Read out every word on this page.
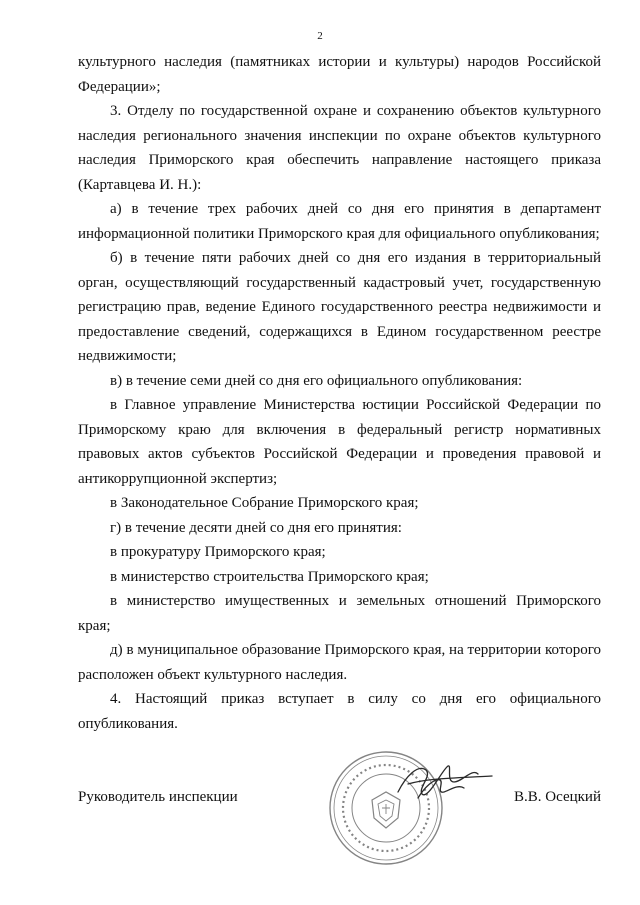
2

культурного наследия (памятниках истории и культуры) народов Российской Федерации»;

3. Отделу по государственной охране и сохранению объектов культурного наследия регионального значения инспекции по охране объектов культурного наследия Приморского края обеспечить направление настоящего приказа (Картавцева И. Н.):

а) в течение трех рабочих дней со дня его принятия в департамент информационной политики Приморского края для официального опубликования;

б) в течение пяти рабочих дней со дня его издания в территориальный орган, осуществляющий государственный кадастровый учет, государственную регистрацию прав, ведение Единого государственного реестра недвижимости и предоставление сведений, содержащихся в Едином государственном реестре недвижимости;

в) в течение семи дней со дня его официального опубликования:

в Главное управление Министерства юстиции Российской Федерации по Приморскому краю для включения в федеральный регистр нормативных правовых актов субъектов Российской Федерации и проведения правовой и антикоррупционной экспертиз;

в Законодательное Собрание Приморского края;

г) в течение десяти дней со дня его принятия:

в прокуратуру Приморского края;

в министерство строительства Приморского края;

в министерство имущественных и земельных отношений Приморского края;

д) в муниципальное образование Приморского края, на территории которого расположен объект культурного наследия.

4. Настоящий приказ вступает в силу со дня его официального опубликования.

Руководитель инспекции	В.В. Осецкий
